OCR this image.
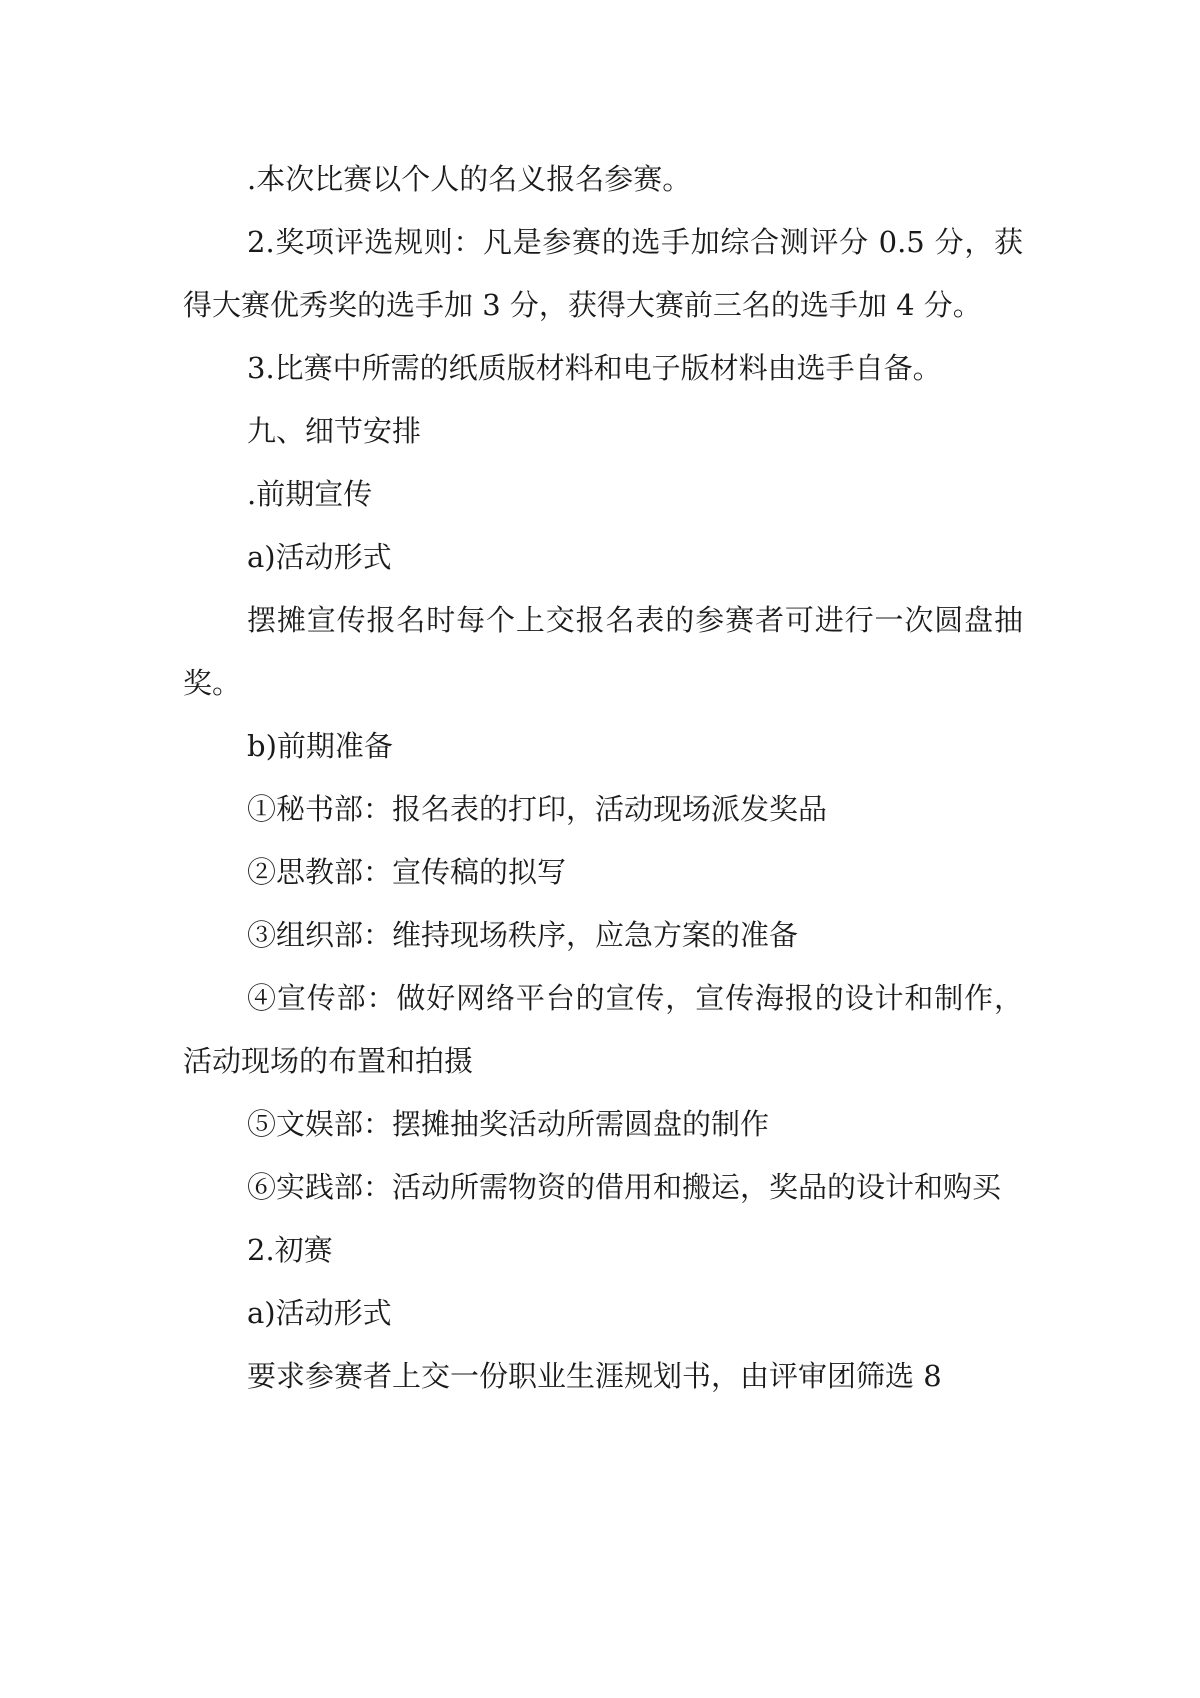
.本次比赛以个人的名义报名参赛。

2.奖项评选规则：凡是参赛的选手加综合测评分 0.5 分，获得大赛优秀奖的选手加 3 分，获得大赛前三名的选手加 4 分。

3.比赛中所需的纸质版材料和电子版材料由选手自备。

九、细节安排

.前期宣传

a)活动形式

摆摊宣传报名时每个上交报名表的参赛者可进行一次圆盘抽奖。

b)前期准备

①秘书部：报名表的打印，活动现场派发奖品

②思教部：宣传稿的拟写

③组织部：维持现场秩序，应急方案的准备

④宣传部：做好网络平台的宣传，宣传海报的设计和制作，活动现场的布置和拍摄

⑤文娱部：摆摊抽奖活动所需圆盘的制作

⑥实践部：活动所需物资的借用和搬运，奖品的设计和购买

2.初赛

a)活动形式

要求参赛者上交一份职业生涯规划书，由评审团筛选 8
